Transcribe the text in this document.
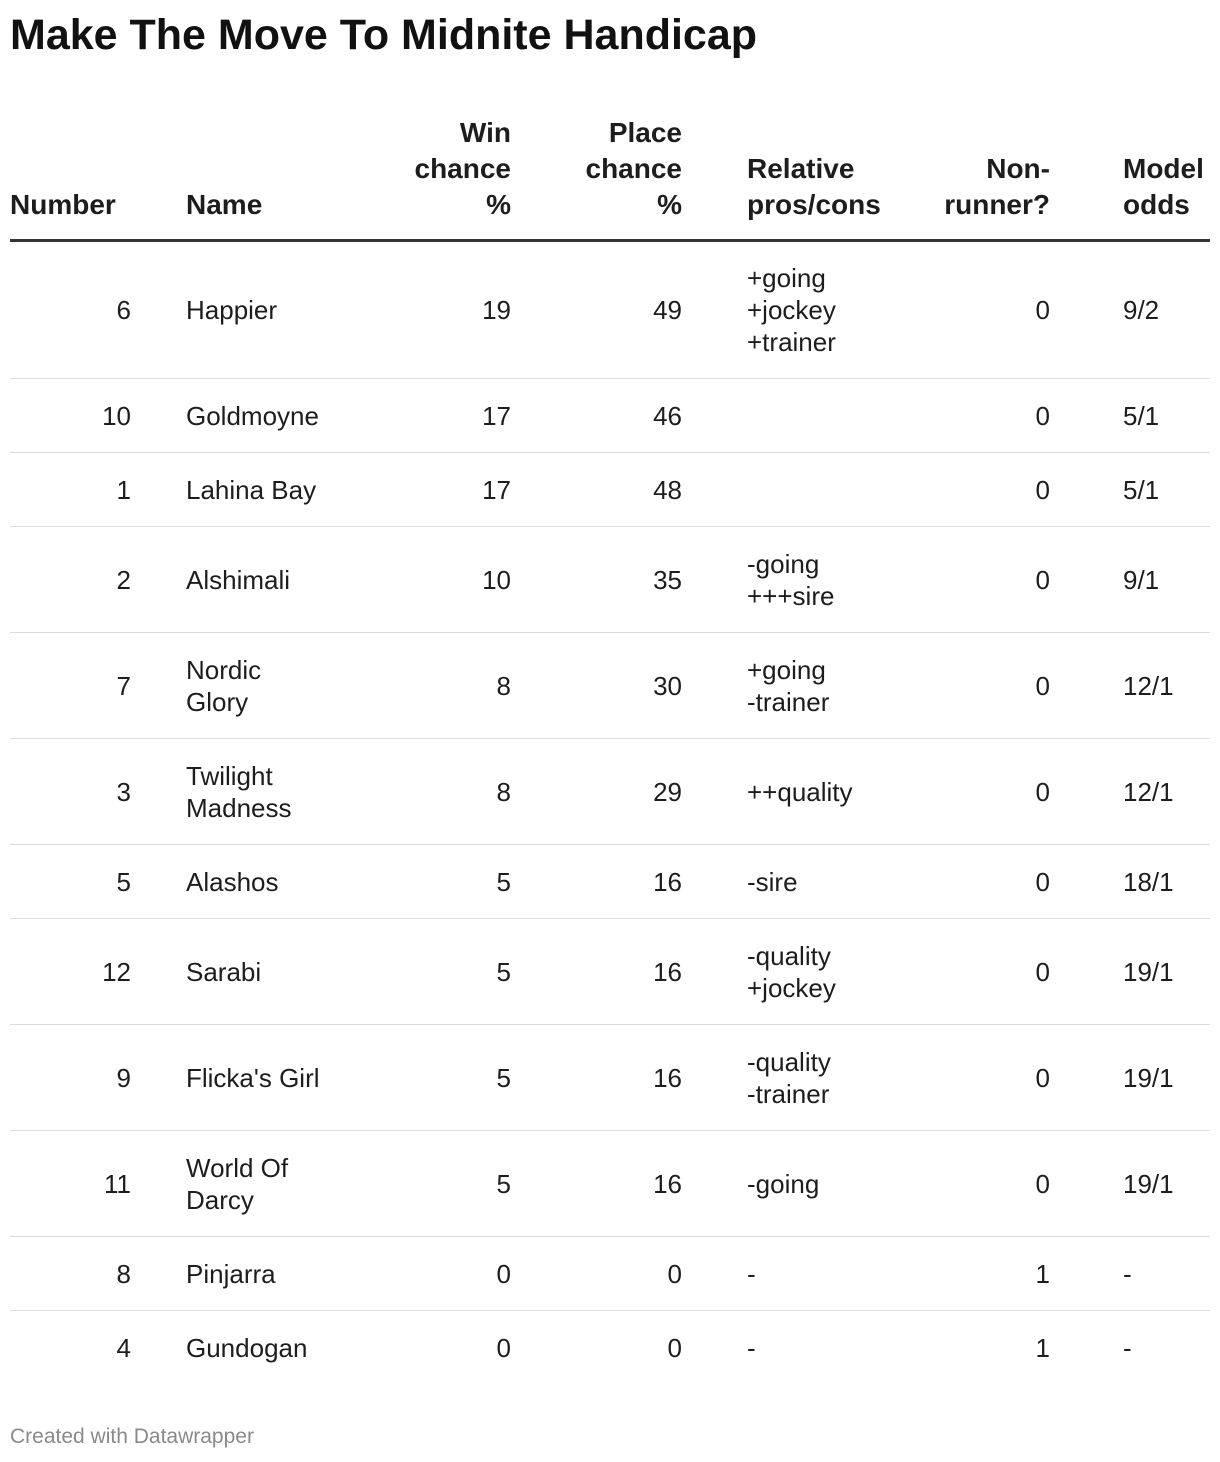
Make The Move To Midnite Handicap
Number	Name	Win
chance
%	Place
chance
%	Relative
pros/cons	Non-
runner?	Model
odds
6	Happier	19	49	+going
+jockey
+trainer	0	9/2
10	Goldmoyne	17	46		0	5/1
1	Lahina Bay	17	48		0	5/1
2	Alshimali	10	35	-going
+++sire	0	9/1
7	Nordic
Glory	8	30	+going
-trainer	0	12/1
3	Twilight
Madness	8	29	++quality	0	12/1
5	Alashos	5	16	-sire	0	18/1
12	Sarabi	5	16	-quality
+jockey	0	19/1
9	Flicka's Girl	5	16	-quality
-trainer	0	19/1
11	World Of
Darcy	5	16	-going	0	19/1
8	Pinjarra	0	0	-	1	-
4	Gundogan	0	0	-	1	-
Created with Datawrapper
